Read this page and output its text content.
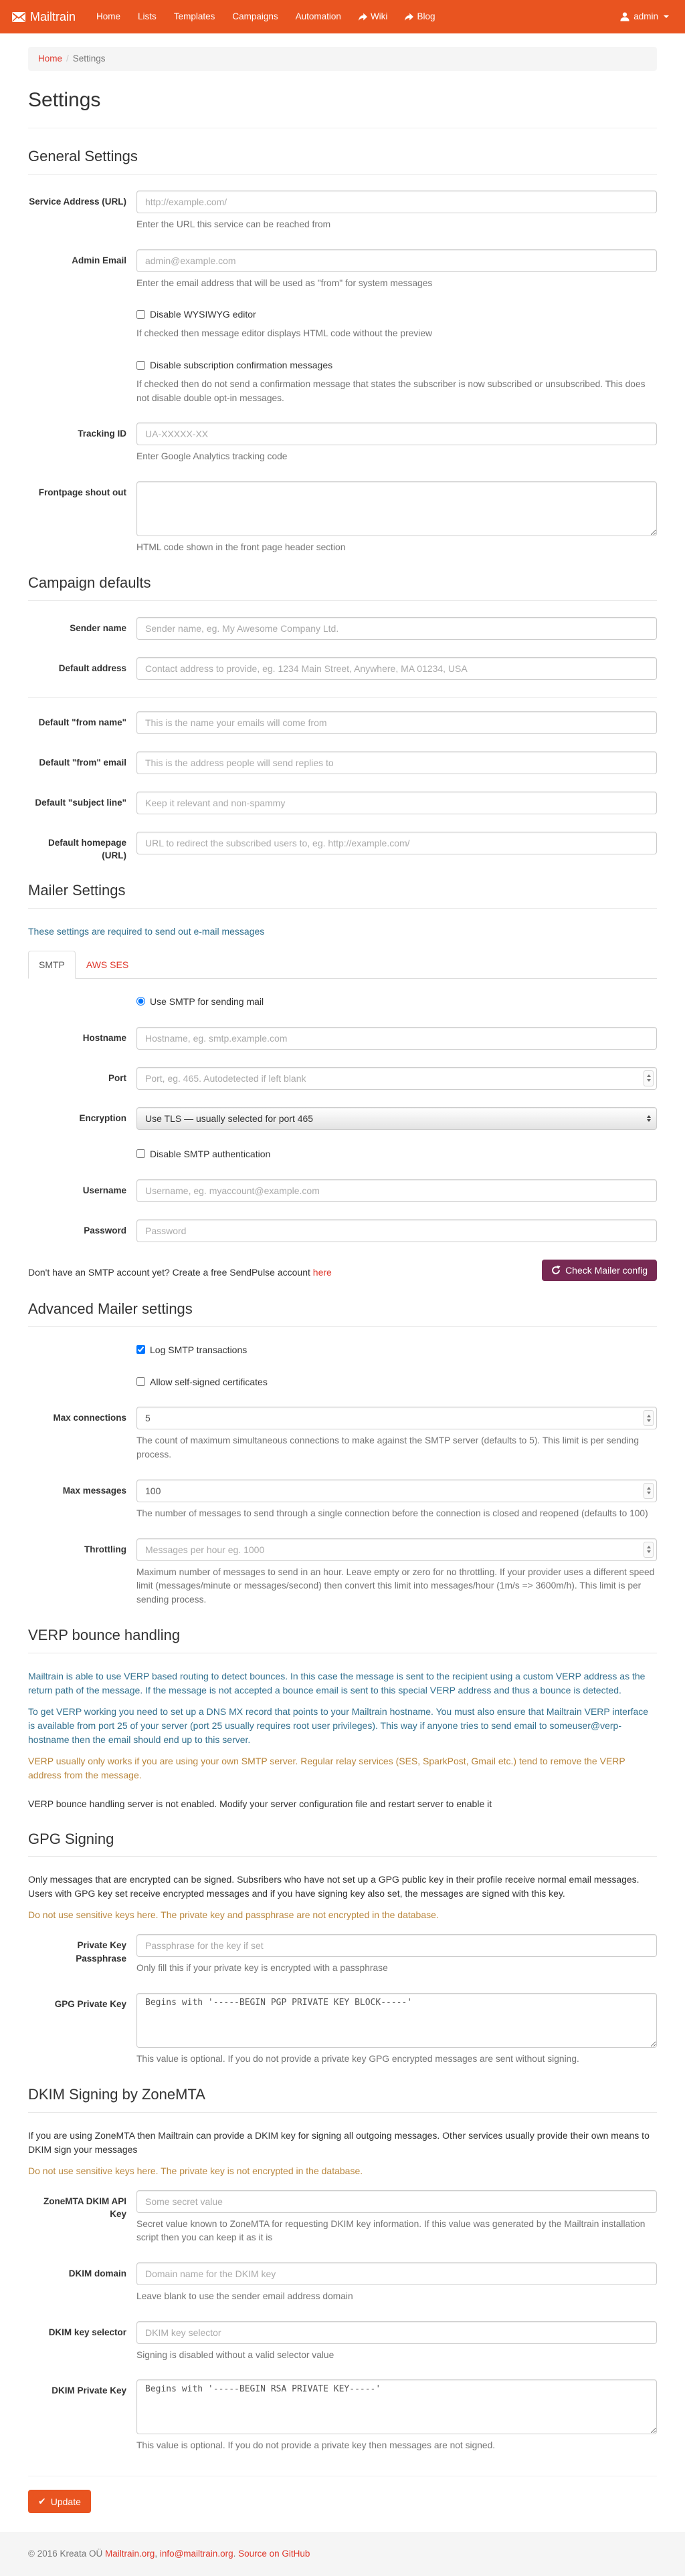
Mailtrain Home Lists Templates Campaigns Automation	Wiki	Blog	admin
Home / Settings
Settings
General Settings
Service Address (URL)
http://example.com/

Enter the URL this service can be reached from

Admin Email
admin@example.com

Enter the email address that will be used as "from" for system messages

Disable WYSIWYG editor

If checked then message editor displays HTML code without the preview

Disable subscription confirmation messages

If checked then do not send a confirmation message that states the subscriber is now subscribed or unsubscribed. This does not disable double opt-in messages.

Tracking ID
UA-XXXXX-XX

Enter Google Analytics tracking code

Frontpage shout out

HTML code shown in the front page header section

Campaign defaults
Sender name
Sender name, eg. My Awesome Company Ltd.
Default address
Contact address to provide, eg. 1234 Main Street, Anywhere, MA 01234, USA
Default "from name"
This is the name your emails will come from
Default "from" email
This is the address people will send replies to
Default "subject line"
Keep it relevant and non-spammy
Default homepage (URL)
URL to redirect the subscribed users to, eg. http://example.com/
Mailer Settings

These settings are required to send out e-mail messages

SMTP	AWS SES
Use SMTP for sending mail
Hostname
Hostname, eg. smtp.example.com
Port
Port, eg. 465. Autodetected if left blank
Encryption
Use TLS — usually selected for port 465
Disable SMTP authentication
Username
Username, eg. myaccount@example.com
Password

Don't have an SMTP account yet? Create a free SendPulse account here	Check Mailer config
Advanced Mailer settings
Log SMTP transactions
Allow self-signed certificates
Max connections
5

The count of maximum simultaneous connections to make against the SMTP server (defaults to 5). This limit is per sending process.

Max messages
100

The number of messages to send through a single connection before the connection is closed and reopened (defaults to 100)

Throttling
Messages per hour eg. 1000

Maximum number of messages to send in an hour. Leave empty or zero for no throttling. If your provider uses a different speed limit (messages/minute or messages/second) then convert this limit into messages/hour (1m/s => 3600m/h). This limit is per sending process.

VERP bounce handling

Mailtrain is able to use VERP based routing to detect bounces. In this case the message is sent to the recipient using a custom VERP address as the return path of the message. If the message is not accepted a bounce email is sent to this special VERP address and thus a bounce is detected.

To get VERP working you need to set up a DNS MX record that points to your Mailtrain hostname. You must also ensure that Mailtrain VERP interface is available from port 25 of your server (port 25 usually requires root user privileges). This way if anyone tries to send email to someuser@verp-hostname then the email should end up to this server.

VERP usually only works if you are using your own SMTP server. Regular relay services (SES, SparkPost, Gmail etc.) tend to remove the VERP address from the message.

VERP bounce handling server is not enabled. Modify your server configuration file and restart server to enable it

GPG Signing

Only messages that are encrypted can be signed. Subsribers who have not set up a GPG public key in their profile receive normal email messages. Users with GPG key set receive encrypted messages and if you have signing key also set, the messages are signed with this key.

Do not use sensitive keys here. The private key and passphrase are not encrypted in the database.

Private Key Passphrase
Passphrase for the key if set

Only fill this if your private key is encrypted with a passphrase

GPG Private Key
Begins with '-----BEGIN PGP PRIVATE KEY BLOCK-----'

This value is optional. If you do not provide a private key GPG encrypted messages are sent without signing.

DKIM Signing by ZoneMTA

If you are using ZoneMTA then Mailtrain can provide a DKIM key for signing all outgoing messages. Other services usually provide their own means to DKIM sign your messages

Do not use sensitive keys here. The private key is not encrypted in the database.

ZoneMTA DKIM API Key
Some secret value

Secret value known to ZoneMTA for requesting DKIM key information. If this value was generated by the Mailtrain installation script then you can keep it as it is

DKIM domain
Domain name for the DKIM key

Leave blank to use the sender email address domain

DKIM key selector
DKIM key selector

Signing is disabled without a valid selector value

DKIM Private Key
Begins with '-----BEGIN RSA PRIVATE KEY-----'

This value is optional. If you do not provide a private key then messages are not signed.

✔ Update

© 2016 Kreata OÜ Mailtrain.org, info@mailtrain.org. Source on GitHub
